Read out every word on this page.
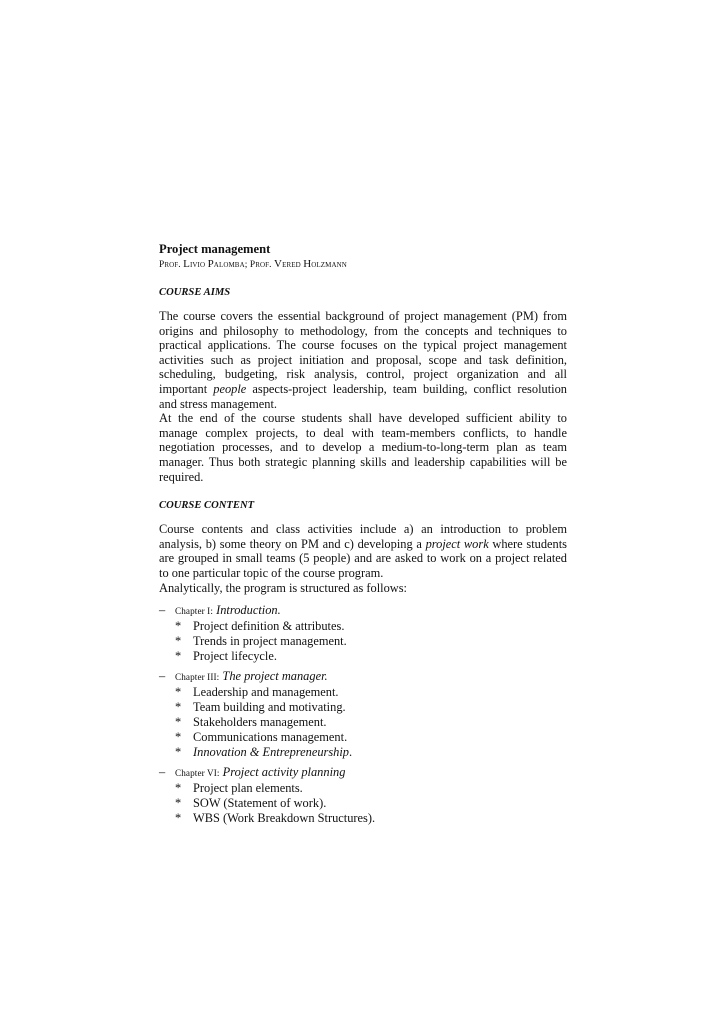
Project management

Prof. Livio Palomba; Prof. Vered Holzmann

COURSE AIMS

The course covers the essential background of project management (PM) from origins and philosophy to methodology, from the concepts and techniques to practical applications. The course focuses on the typical project management activities such as project initiation and proposal, scope and task definition, scheduling, budgeting, risk analysis, control, project organization and all important people aspects-project leadership, team building, conflict resolution and stress management.

At the end of the course students shall have developed sufficient ability to manage complex projects, to deal with team-members conflicts, to handle negotiation processes, and to develop a medium-to-long-term plan as team manager. Thus both strategic planning skills and leadership capabilities will be required.

COURSE CONTENT

Course contents and class activities include a) an introduction to problem analysis, b) some theory on PM and c) developing a project work where students are grouped in small teams (5 people) and are asked to work on a project related to one particular topic of the course program.

Analytically, the program is structured as follows:

– Chapter I: Introduction.
* Project definition & attributes.
* Trends in project management.
* Project lifecycle.
– Chapter III: The project manager.
* Leadership and management.
* Team building and motivating.
* Stakeholders management.
* Communications management.
* Innovation & Entrepreneurship.
– Chapter VI: Project activity planning
* Project plan elements.
* SOW (Statement of work).
* WBS (Work Breakdown Structures).
